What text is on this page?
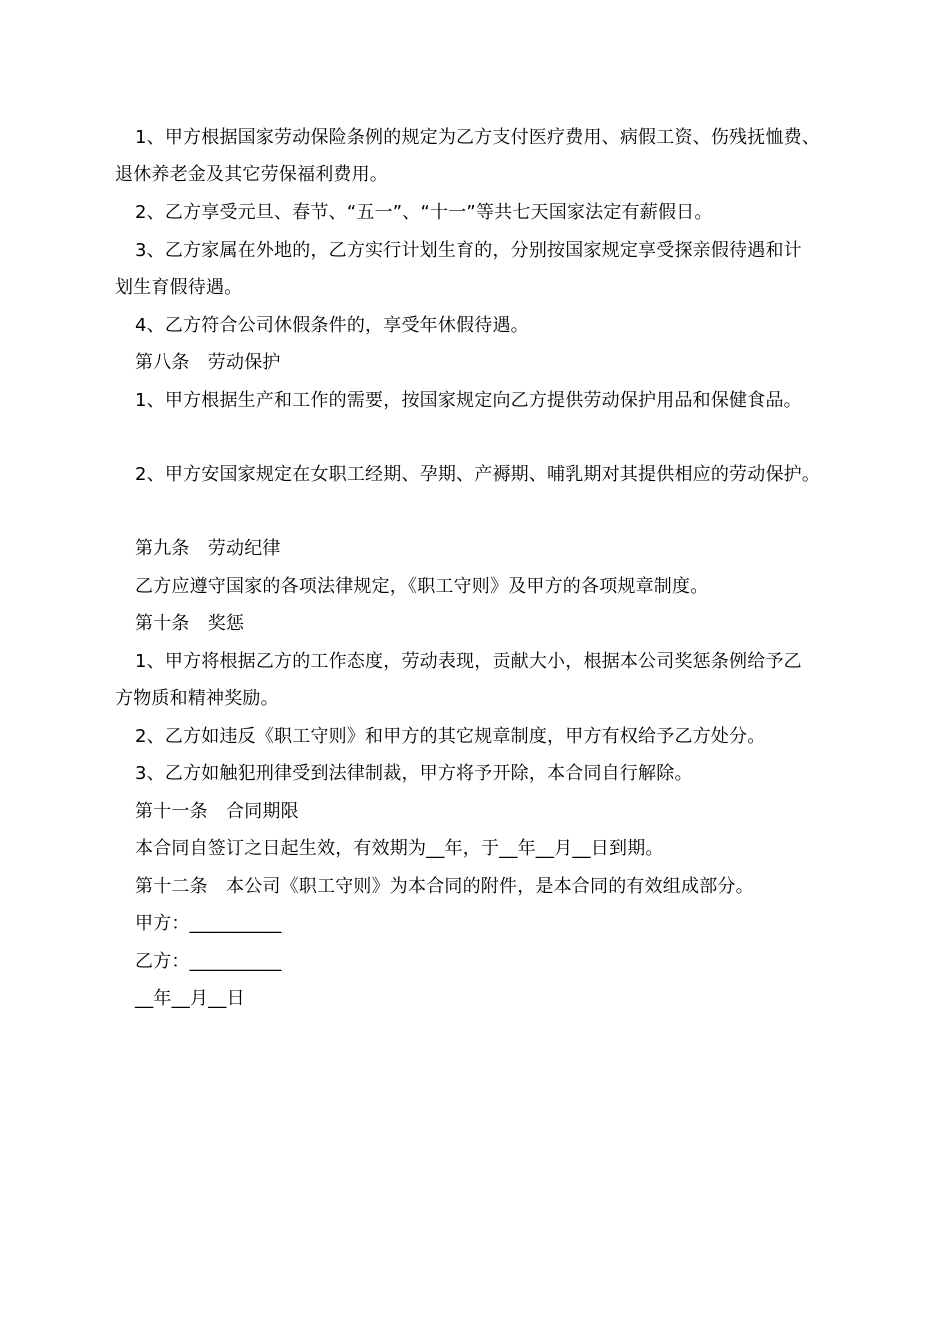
1、甲方根据国家劳动保险条例的规定为乙方支付医疗费用、病假工资、伤残抚恤费、
退休养老金及其它劳保福利费用。
2、乙方享受元旦、春节、“五一”、“十一”等共七天国家法定有薪假日。
3、乙方家属在外地的，乙方实行计划生育的，分别按国家规定享受探亲假待遇和计
划生育假待遇。
4、乙方符合公司休假条件的，享受年休假待遇。
第八条　劳动保护
1、甲方根据生产和工作的需要，按国家规定向乙方提供劳动保护用品和保健食品。
2、甲方安国家规定在女职工经期、孕期、产褥期、哺乳期对其提供相应的劳动保护。
第九条　劳动纪律
乙方应遵守国家的各项法律规定，《职工守则》及甲方的各项规章制度。
第十条　奖惩
1、甲方将根据乙方的工作态度，劳动表现，贡献大小，根据本公司奖惩条例给予乙
方物质和精神奖励。
2、乙方如违反《职工守则》和甲方的其它规章制度，甲方有权给予乙方处分。
3、乙方如触犯刑律受到法律制裁，甲方将予开除，本合同自行解除。
第十一条　合同期限
本合同自签订之日起生效，有效期为__年，于__年__月__日到期。
第十二条　本公司《职工守则》为本合同的附件，是本合同的有效组成部分。
甲方：__________
乙方：__________
__年__月__日
